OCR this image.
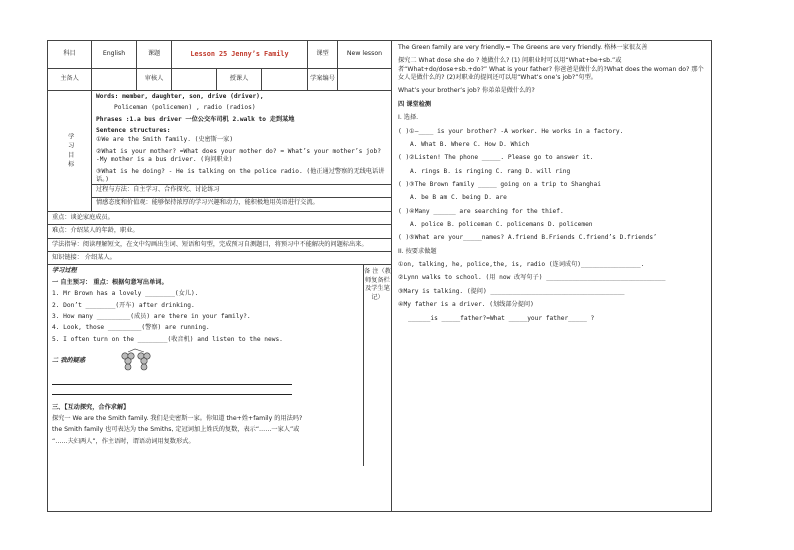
科目	English	课题	Lesson 25 Jenny’s Family	课型	New lesson
主备人	审核人	授课人	学案编号
学习目标

Words: member, daughter, son, drive (driver),

Policeman (policemen) , radio (radios)

Phrases :1.a bus driver 一位公交车司机 2.walk to 走到某地

Sentence structures:

①We are the Smith family. (史密斯一家)

②What is your mother? =What does your mother do? = What’s your mother’s job? -My mother is a bus driver. (询问职业)

③What is he doing? - He is talking on the police radio. (他正通过警察的无线电话讲话。)

过程与方法：自主学习、合作探究、讨论练习
情感态度和价值观：能够保持浓厚的学习兴趣和动力，能积极地用英语进行交流。
重点：谈论家庭成员。
难点：介绍某人的年龄，职业。
学法指导：阅读理解短文，在文中勾画出生词、短语和句型，完成预习自测题目，将预习中不能解决的问题标出来。
知识链接： 介绍某人。

学习过程

一 自主预习： 重点：根据句意写出单词。

1. Mr Brown has a lovely ________(女儿).

2. Don’t ________(开车) after drinking.

3. How many _________(成员) are there in your family?.

4. Look, those _________(警察) are running.

5. I often turn on the ________(收音机) and listen to the news.

二 我的疑惑

三、【互动探究，合作求解】

探究一 We are the Smith family. 我们是史密斯一家。你知道 the+姓+family 的用法吗?

the Smith family 也可表达为 the Smiths, 定冠词加上姓氏的复数，表示“……一家人”或

“……夫妇两人”，作主语时，谓语动词用复数形式。

备 注（教师复备栏及学生笔记）

The Green family are very friendly.= The Greens are very friendly. 格林一家很友善

探究二 What dose she do ? 她做什么? (1) 问职业时可以用“What+be+sb.”或者“What+do/dose+sb.+do?” What is your father? 你爸爸是做什么的?What does the woman do? 那个女人是做什么的? (2)对职业的提问还可以用“What’s one’s job?”句型。

What’s your brother’s job? 你弟弟是做什么的?

四 课堂检测

I. 选择.

( )①—____ is your brother? -A worker. He works in a factory.

A. What B. Where C. How D. Which

( )②Listen! The phone _____. Please go to answer it.

A. rings B. is ringing C. rang D. will ring

( )③The Brown family _____ going on a trip to Shanghai

A. be B am C. being D. are

( )④Many ______ are searching for the thief.

A. police B. policeman C. policemans D. policemen

( )⑤What are your_____names? A.friend B.Friends C.friend’s D.friends’

II. 按要求做题

①on, talking, he, police,the, is, radio (连词成句)________________.

②Lynn walks to school. (用 now 改写句子) ________________________________

③Mary is talking. (提问) ____________________________________

④My father is a driver. (划线部分提问)

______is _____father?=What _____your father_____ ?
